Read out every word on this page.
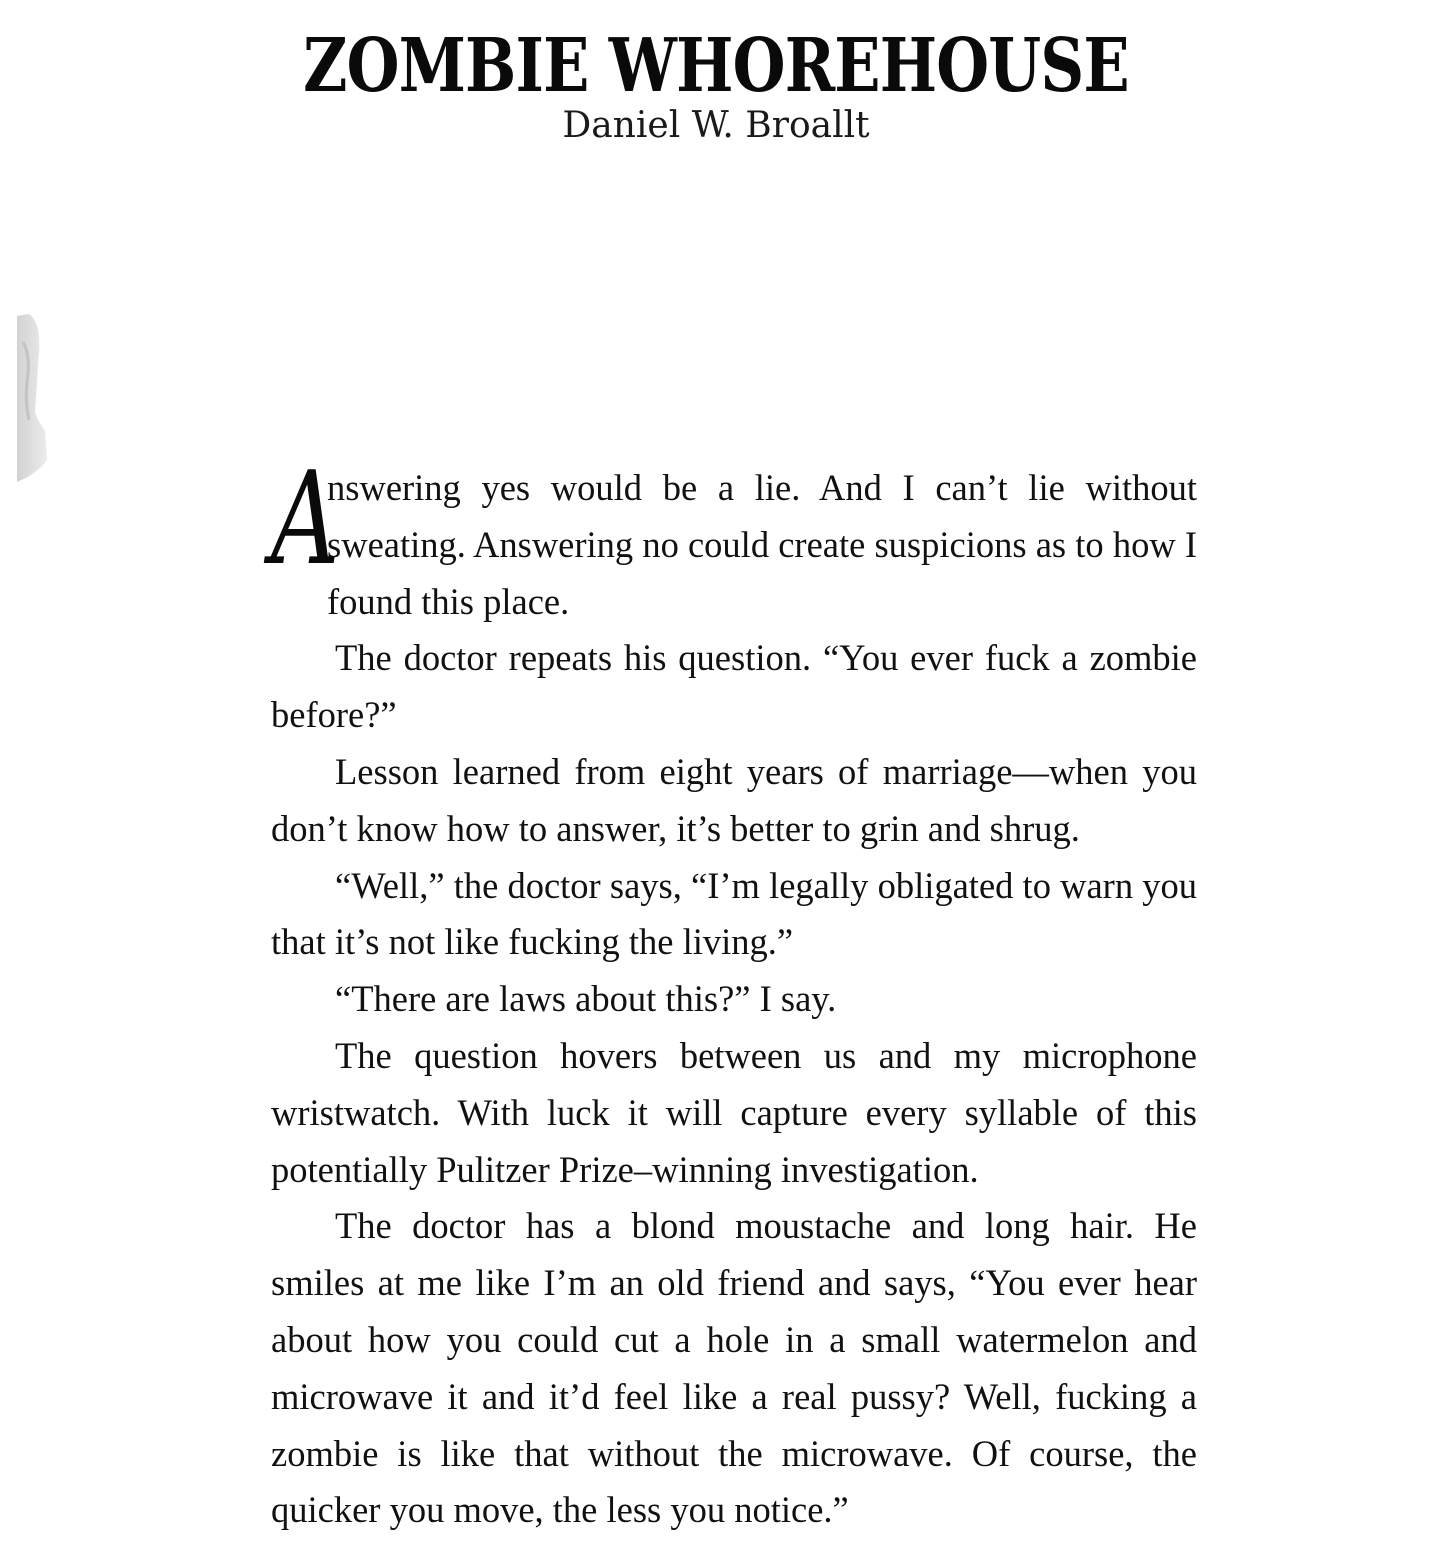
ZOMBIE WHOREHOUSE
Daniel W. Broallt

A
nswering yes would be a lie. And I can’t lie without sweating. Answering no could create suspicions as to how I found this place.

The doctor repeats his question. “You ever fuck a zombie before?”

Lesson learned from eight years of marriage—when you don’t know how to answer, it’s better to grin and shrug.

“Well,” the doctor says, “I’m legally obligated to warn you that it’s not like fucking the living.”

“There are laws about this?” I say.

The question hovers between us and my microphone wristwatch. With luck it will capture every syllable of this potentially Pulitzer Prize–winning investigation.

The doctor has a blond moustache and long hair. He smiles at me like I’m an old friend and says, “You ever hear about how you could cut a hole in a small watermelon and microwave it and it’d feel like a real pussy? Well, fucking a zombie is like that without the microwave. Of course, the quicker you move, the less you notice.”
